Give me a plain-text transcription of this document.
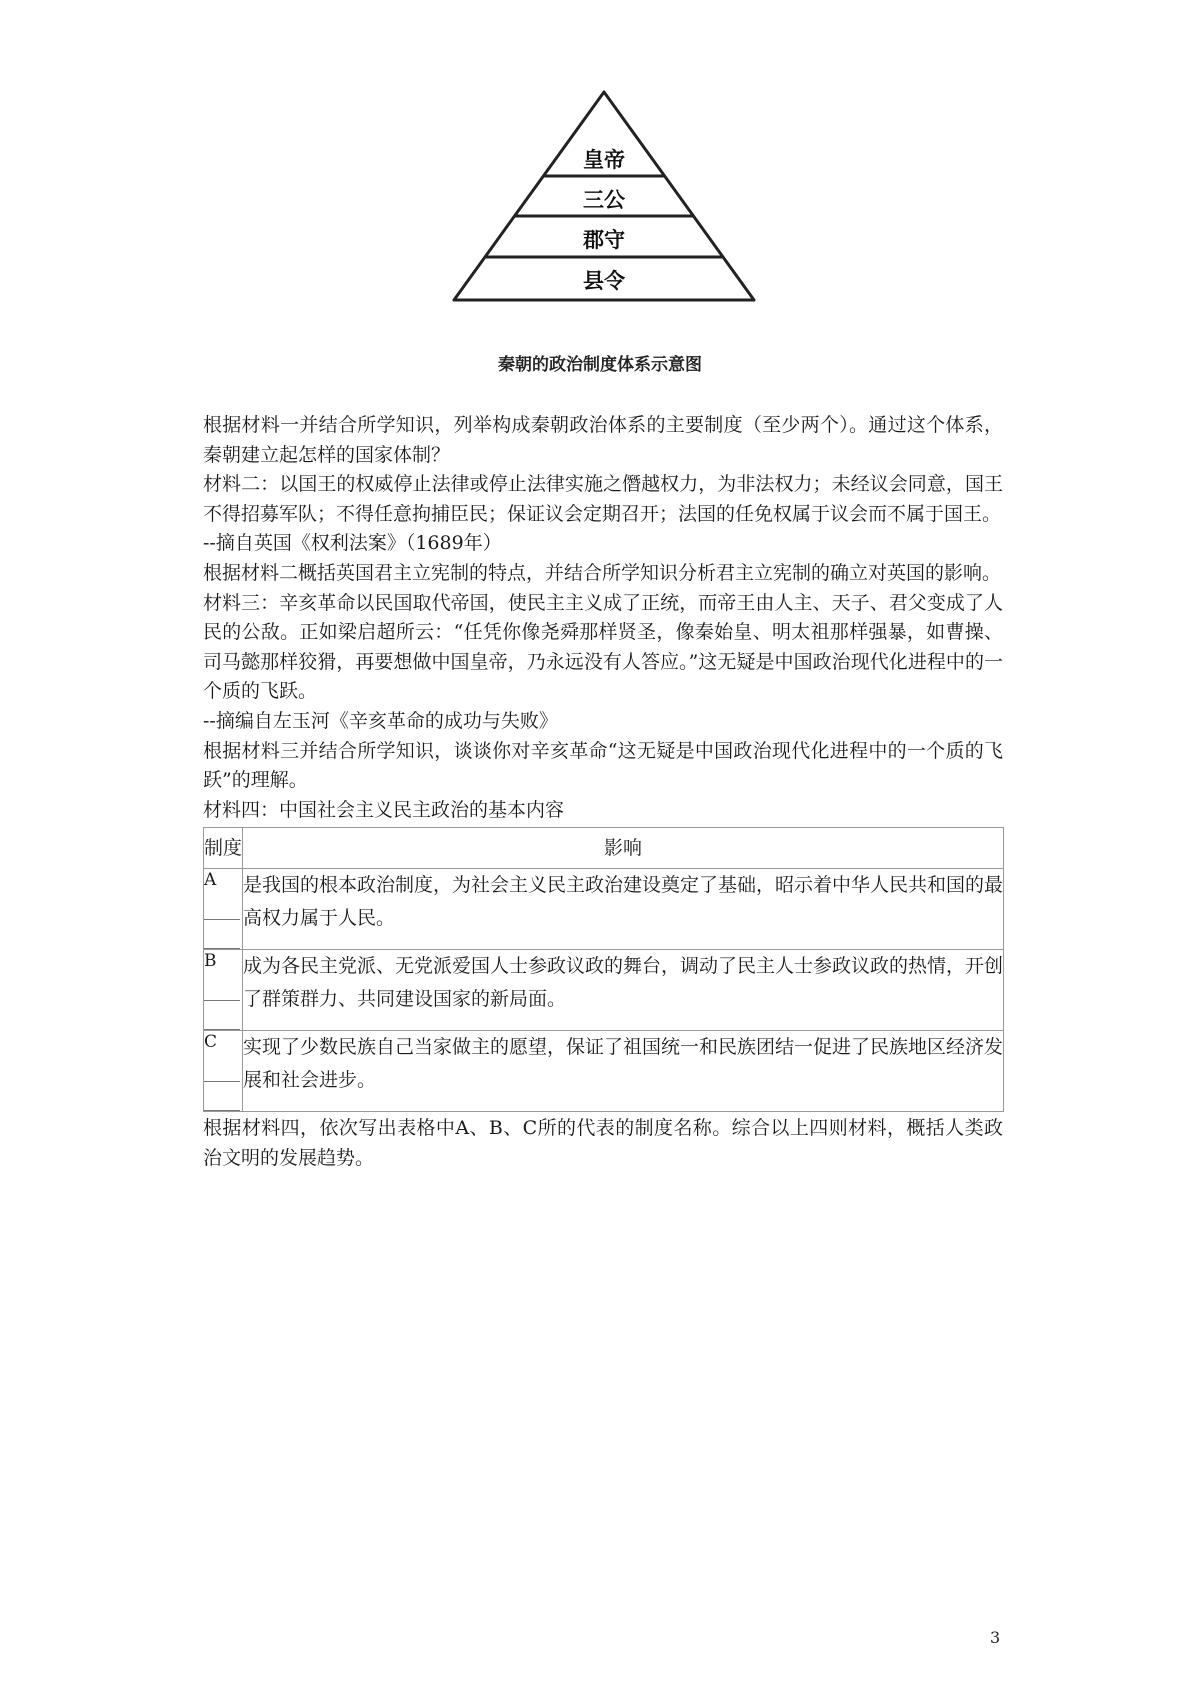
皇帝
三公
郡守
县令
秦朝的政治制度体系示意图

根据材料一并结合所学知识，列举构成秦朝政治体系的主要制度（至少两个）。通过这个体系，秦朝建立起怎样的国家体制？

材料二：以国王的权威停止法律或停止法律实施之僭越权力，为非法权力；未经议会同意，国王不得招募军队；不得任意拘捕臣民；保证议会定期召开；法国的任免权属于议会而不属于国王。

--摘自英国《权利法案》（1689年）

根据材料二概括英国君主立宪制的特点，并结合所学知识分析君主立宪制的确立对英国的影响。

材料三：辛亥革命以民国取代帝国，使民主主义成了正统，而帝王由人主、天子、君父变成了人民的公敌。正如梁启超所云：“任凭你像尧舜那样贤圣，像秦始皇、明太祖那样强暴，如曹操、司马懿那样狡猾，再要想做中国皇帝，乃永远没有人答应。”这无疑是中国政治现代化进程中的一个质的飞跃。

--摘编自左玉河《辛亥革命的成功与失败》

根据材料三并结合所学知识，谈谈你对辛亥革命“这无疑是中国政治现代化进程中的一个质的飞跃”的理解。

材料四：中国社会主义民主政治的基本内容

制度	影响
A	是我国的根本政治制度，为社会主义民主政治建设奠定了基础，昭示着中华人民共和国的最高权力属于人民。
B	成为各民主党派、无党派爱国人士参政议政的舞台，调动了民主人士参政议政的热情，开创了群策群力、共同建设国家的新局面。
C	实现了少数民族自己当家做主的愿望，保证了祖国统一和民族团结一促进了民族地区经济发展和社会进步。

根据材料四，依次写出表格中A、B、C所的代表的制度名称。综合以上四则材料，概括人类政治文明的发展趋势。

3
